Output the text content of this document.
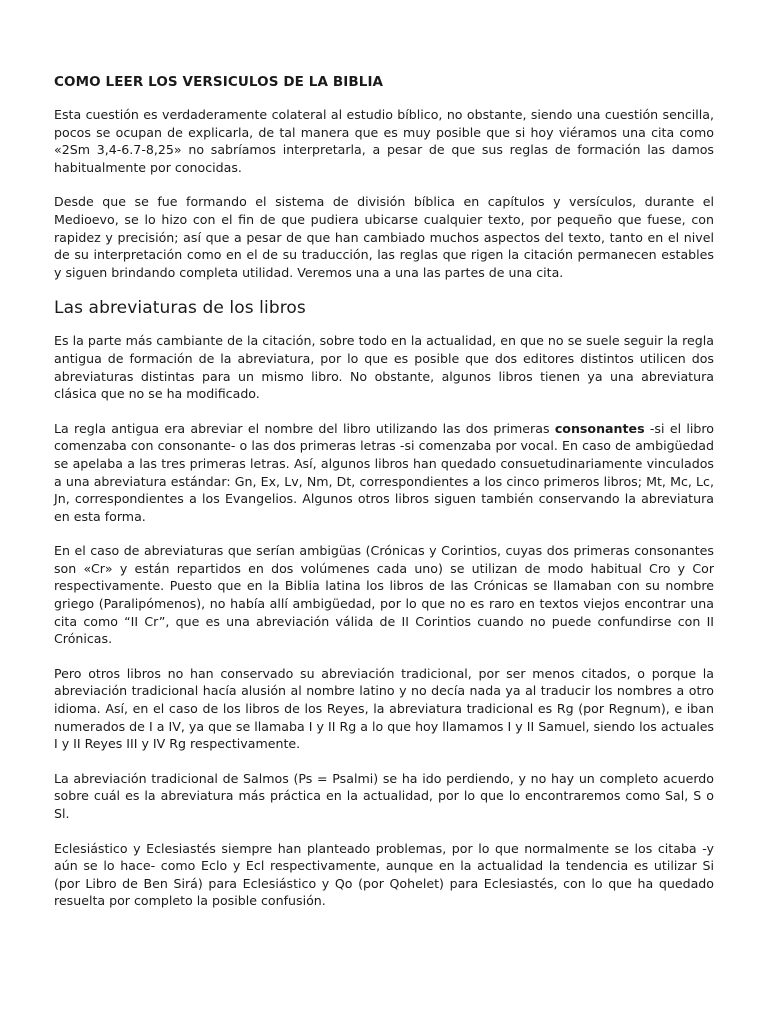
COMO LEER LOS VERSICULOS DE LA BIBLIA

Esta cuestión es verdaderamente colateral al estudio bíblico, no obstante, siendo una cuestión sencilla, pocos se ocupan de explicarla, de tal manera que es muy posible que si hoy viéramos una cita como «2Sm 3,4-6.7-8,25» no sabríamos interpretarla, a pesar de que sus reglas de formación las damos habitualmente por conocidas.

Desde que se fue formando el sistema de división bíblica en capítulos y versículos, durante el Medioevo, se lo hizo con el fin de que pudiera ubicarse cualquier texto, por pequeño que fuese, con rapidez y precisión; así que a pesar de que han cambiado muchos aspectos del texto, tanto en el nivel de su interpretación como en el de su traducción, las reglas que rigen la citación permanecen estables y siguen brindando completa utilidad. Veremos una a una las partes de una cita.

Las abreviaturas de los libros

Es la parte más cambiante de la citación, sobre todo en la actualidad, en que no se suele seguir la regla antigua de formación de la abreviatura, por lo que es posible que dos editores distintos utilicen dos abreviaturas distintas para un mismo libro. No obstante, algunos libros tienen ya una abreviatura clásica que no se ha modificado.

La regla antigua era abreviar el nombre del libro utilizando las dos primeras consonantes -si el libro comenzaba con consonante- o las dos primeras letras -si comenzaba por vocal. En caso de ambigüedad se apelaba a las tres primeras letras. Así, algunos libros han quedado consuetudinariamente vinculados a una abreviatura estándar: Gn, Ex, Lv, Nm, Dt, correspondientes a los cinco primeros libros; Mt, Mc, Lc, Jn, correspondientes a los Evangelios. Algunos otros libros siguen también conservando la abreviatura en esta forma.

En el caso de abreviaturas que serían ambigüas (Crónicas y Corintios, cuyas dos primeras consonantes son «Cr» y están repartidos en dos volúmenes cada uno) se utilizan de modo habitual Cro y Cor respectivamente. Puesto que en la Biblia latina los libros de las Crónicas se llamaban con su nombre griego (Paralipómenos), no había allí ambigüedad, por lo que no es raro en textos viejos encontrar una cita como “II Cr”, que es una abreviación válida de II Corintios cuando no puede confundirse con II Crónicas.

Pero otros libros no han conservado su abreviación tradicional, por ser menos citados, o porque la abreviación tradicional hacía alusión al nombre latino y no decía nada ya al traducir los nombres a otro idioma. Así, en el caso de los libros de los Reyes, la abreviatura tradicional es Rg (por Regnum), e iban numerados de I a IV, ya que se llamaba I y II Rg a lo que hoy llamamos I y II Samuel, siendo los actuales I y II Reyes III y IV Rg respectivamente.

La abreviación tradicional de Salmos (Ps = Psalmi) se ha ido perdiendo, y no hay un completo acuerdo sobre cuál es la abreviatura más práctica en la actualidad, por lo que lo encontraremos como Sal, S o Sl.

Eclesiástico y Eclesiastés siempre han planteado problemas, por lo que normalmente se los citaba -y aún se lo hace- como Eclo y Ecl respectivamente, aunque en la actualidad la tendencia es utilizar Si (por Libro de Ben Sirá) para Eclesiástico y Qo (por Qohelet) para Eclesiastés, con lo que ha quedado resuelta por completo la posible confusión.
